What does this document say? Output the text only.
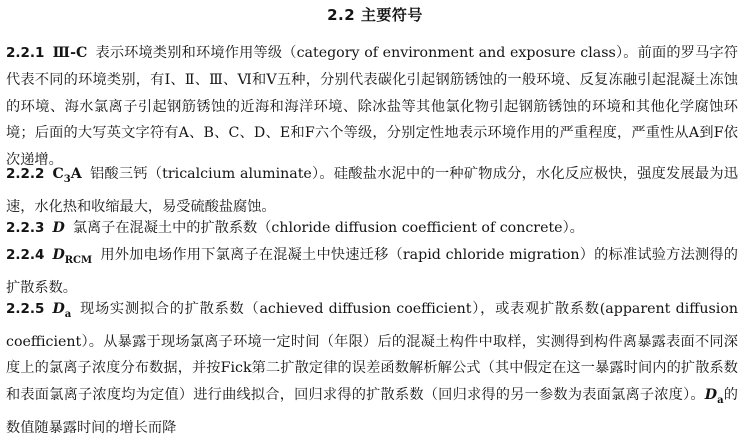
2.2 主要符号
2.2.1 Ⅲ-C 表示环境类别和环境作用等级（category of environment and exposure class）。前面的罗马字符代表不同的环境类别，有Ⅰ、Ⅱ、Ⅲ、Ⅵ和Ⅴ五种，分别代表碳化引起钢筋锈蚀的一般环境、反复冻融引起混凝土冻蚀的环境、海水氯离子引起钢筋锈蚀的近海和海洋环境、除冰盐等其他氯化物引起钢筋锈蚀的环境和其他化学腐蚀环境；后面的大写英文字符有A、B、C、D、E和F六个等级，分别定性地表示环境作用的严重程度，严重性从A到F依次递增。
2.2.2 $C_3A$ 铝酸三钙（tricalcium aluminate）。硅酸盐水泥中的一种矿物成分，水化反应极快，强度发展最为迅速，水化热和收缩最大，易受硫酸盐腐蚀。
2.2.3 D 氯离子在混凝土中的扩散系数（chloride diffusion coefficient of concrete）。
2.2.4 $D_{RCM}$ 用外加电场作用下氯离子在混凝土中快速迁移（rapid chloride migration）的标准试验方法测得的扩散系数。
2.2.5 $D_a$ 现场实测拟合的扩散系数（achieved diffusion coefficient），或表观扩散系数(apparent diffusion coefficient）。从暴露于现场氯离子环境一定时间（年限）后的混凝土构件中取样，实测得到构件离暴露表面不同深度上的氯离子浓度分布数据，并按Fick第二扩散定律的误差函数解析解公式（其中假定在这一暴露时间内的扩散系数和表面氯离子浓度均为定值）进行曲线拟合，回归求得的扩散系数（回归求得的另一参数为表面氯离子浓度）。$D_a$的数值随暴露时间的增长而降
